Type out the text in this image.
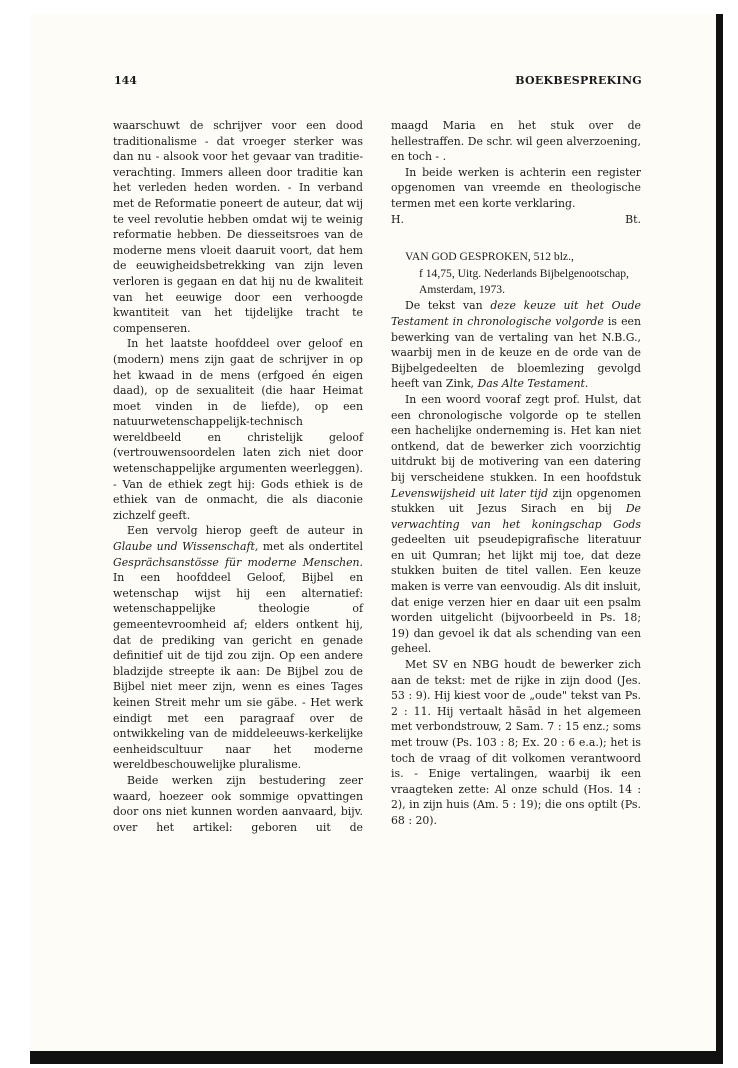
144	BOEKBESPREKING

waarschuwt de schrijver voor een dood traditionalisme - dat vroeger sterker was dan nu - alsook voor het gevaar van traditie-verachting. Immers alleen door traditie kan het verleden heden worden. - In verband met de Reformatie poneert de auteur, dat wij te veel revolutie hebben omdat wij te weinig reformatie hebben. De diesseitsroes van de moderne mens vloeit daaruit voort, dat hem de eeuwigheidsbetrekking van zijn leven verloren is gegaan en dat hij nu de kwaliteit van het eeuwige door een verhoogde kwantiteit van het tijdelijke tracht te compenseren.

In het laatste hoofddeel over geloof en (modern) mens zijn gaat de schrijver in op het kwaad in de mens (erfgoed én eigen daad), op de sexualiteit (die haar Heimat moet vinden in de liefde), op een natuurwetenschappelijk-technisch wereldbeeld en christelijk geloof (vertrouwensoordelen laten zich niet door wetenschappelijke argumenten weerleggen). - Van de ethiek zegt hij: Gods ethiek is de ethiek van de onmacht, die als diaconie zichzelf geeft.

Een vervolg hierop geeft de auteur in Glaube und Wissenschaft, met als ondertitel Gesprächsanstösse für moderne Menschen. In een hoofddeel Geloof, Bijbel en wetenschap wijst hij een alternatief: wetenschappelijke theologie of gemeentevroomheid af; elders ontkent hij, dat de prediking van gericht en genade definitief uit de tijd zou zijn. Op een andere bladzijde streepte ik aan: De Bijbel zou de Bijbel niet meer zijn, wenn es eines Tages keinen Streit mehr um sie gäbe. - Het werk eindigt met een paragraaf over de ontwikkeling van de middeleeuws-kerkelijke eenheidscultuur naar het moderne wereldbeschouwelijke pluralisme.

Beide werken zijn bestudering zeer waard, hoezeer ook sommige opvattingen door ons niet kunnen worden aanvaard, bijv. over het artikel: geboren uit de

maagd Maria en het stuk over de hellestraffen. De schr. wil geen alverzoening, en toch - .

In beide werken is achterin een register opgenomen van vreemde en theologische termen met een korte verklaring.

H.	Bt.

VAN GOD GESPROKEN, 512 blz.,
f 14,75, Uitg. Nederlands Bijbelgenootschap, Amsterdam, 1973.

De tekst van deze keuze uit het Oude Testament in chronologische volgorde is een bewerking van de vertaling van het N.B.G., waarbij men in de keuze en de orde van de Bijbelgedeelten de bloemlezing gevolgd heeft van Zink, Das Alte Testament.

In een woord vooraf zegt prof. Hulst, dat een chronologische volgorde op te stellen een hachelijke onderneming is. Het kan niet ontkend, dat de bewerker zich voorzichtig uitdrukt bij de motivering van een datering bij verscheidene stukken. In een hoofdstuk Levenswijsheid uit later tijd zijn opgenomen stukken uit Jezus Sirach en bij De verwachting van het koningschap Gods gedeelten uit pseudepigrafische literatuur en uit Qumran; het lijkt mij toe, dat deze stukken buiten de titel vallen. Een keuze maken is verre van eenvoudig. Als dit insluit, dat enige verzen hier en daar uit een psalm worden uitgelicht (bijvoorbeeld in Ps. 18; 19) dan gevoel ik dat als schending van een geheel.

Met SV en NBG houdt de bewerker zich aan de tekst: met de rijke in zijn dood (Jes. 53 : 9). Hij kiest voor de „oude" tekst van Ps. 2 : 11. Hij vertaalt hāsād in het algemeen met verbondstrouw, 2 Sam. 7 : 15 enz.; soms met trouw (Ps. 103 : 8; Ex. 20 : 6 e.a.); het is toch de vraag of dit volkomen verantwoord is. - Enige vertalingen, waarbij ik een vraagteken zette: Al onze schuld (Hos. 14 : 2), in zijn huis (Am. 5 : 19); die ons optilt (Ps. 68 : 20).
